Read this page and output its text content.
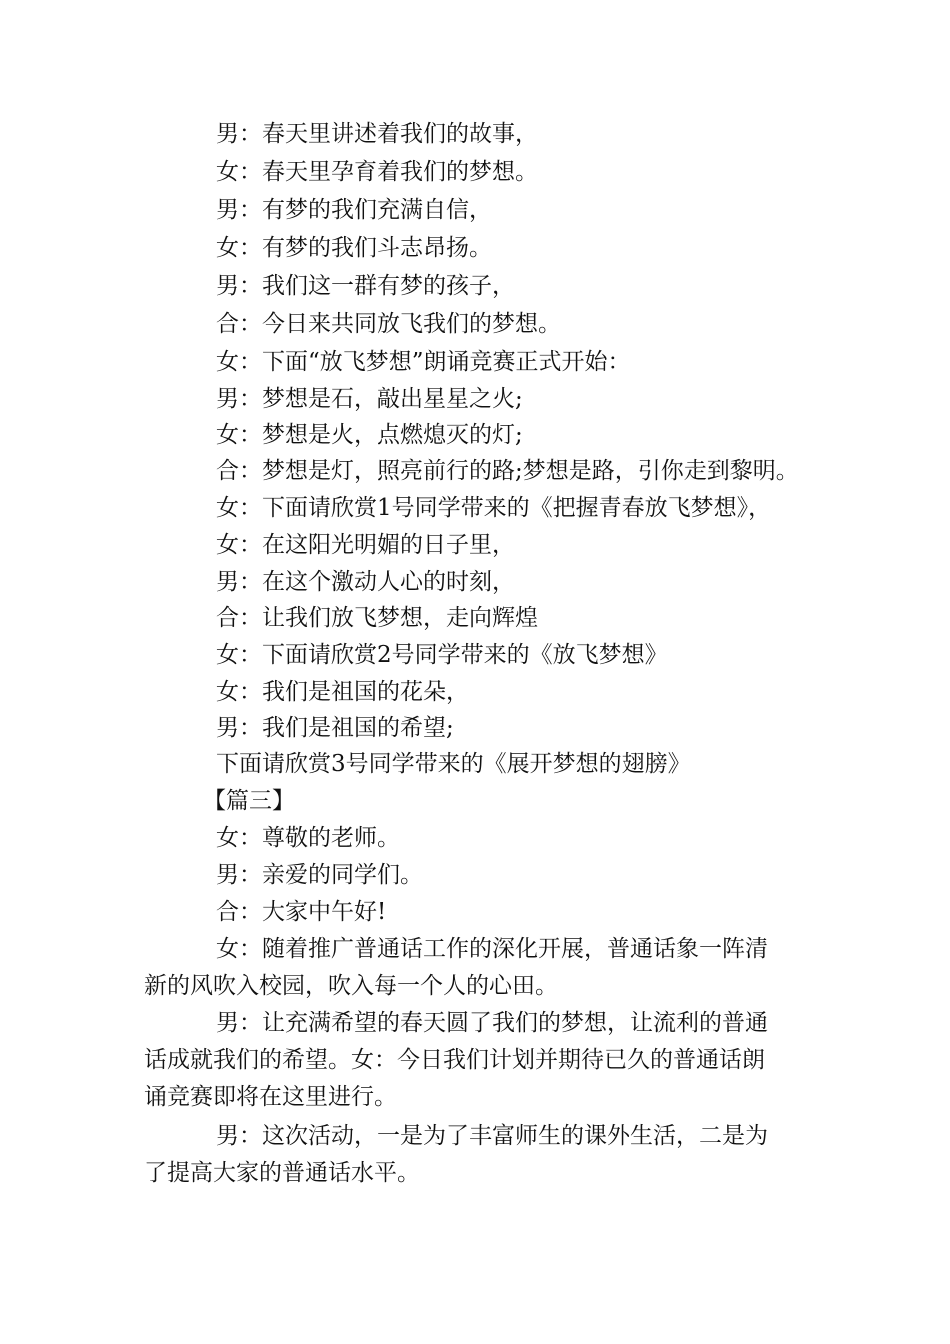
男：春天里讲述着我们的故事，
女：春天里孕育着我们的梦想。
男：有梦的我们充满自信，
女：有梦的我们斗志昂扬。
男：我们这一群有梦的孩子，
合：今日来共同放飞我们的梦想。
女：下面“放飞梦想”朗诵竞赛正式开始：
男：梦想是石，敲出星星之火;
女：梦想是火，点燃熄灭的灯;
合：梦想是灯，照亮前行的路;梦想是路，引你走到黎明。
女：下面请欣赏1号同学带来的《把握青春放飞梦想》，
女：在这阳光明媚的日子里，
男：在这个激动人心的时刻，
合：让我们放飞梦想，走向辉煌
女：下面请欣赏2号同学带来的《放飞梦想》
女：我们是祖国的花朵，
男：我们是祖国的希望;
下面请欣赏3号同学带来的《展开梦想的翅膀》
【篇三】
女：尊敬的老师。
男：亲爱的同学们。
合：大家中午好!
女：随着推广普通话工作的深化开展，普通话象一阵清
新的风吹入校园，吹入每一个人的心田。
男：让充满希望的春天圆了我们的梦想，让流利的普通
话成就我们的希望。女：今日我们计划并期待已久的普通话朗
诵竞赛即将在这里进行。
男：这次活动，一是为了丰富师生的课外生活，二是为
了提高大家的普通话水平。
